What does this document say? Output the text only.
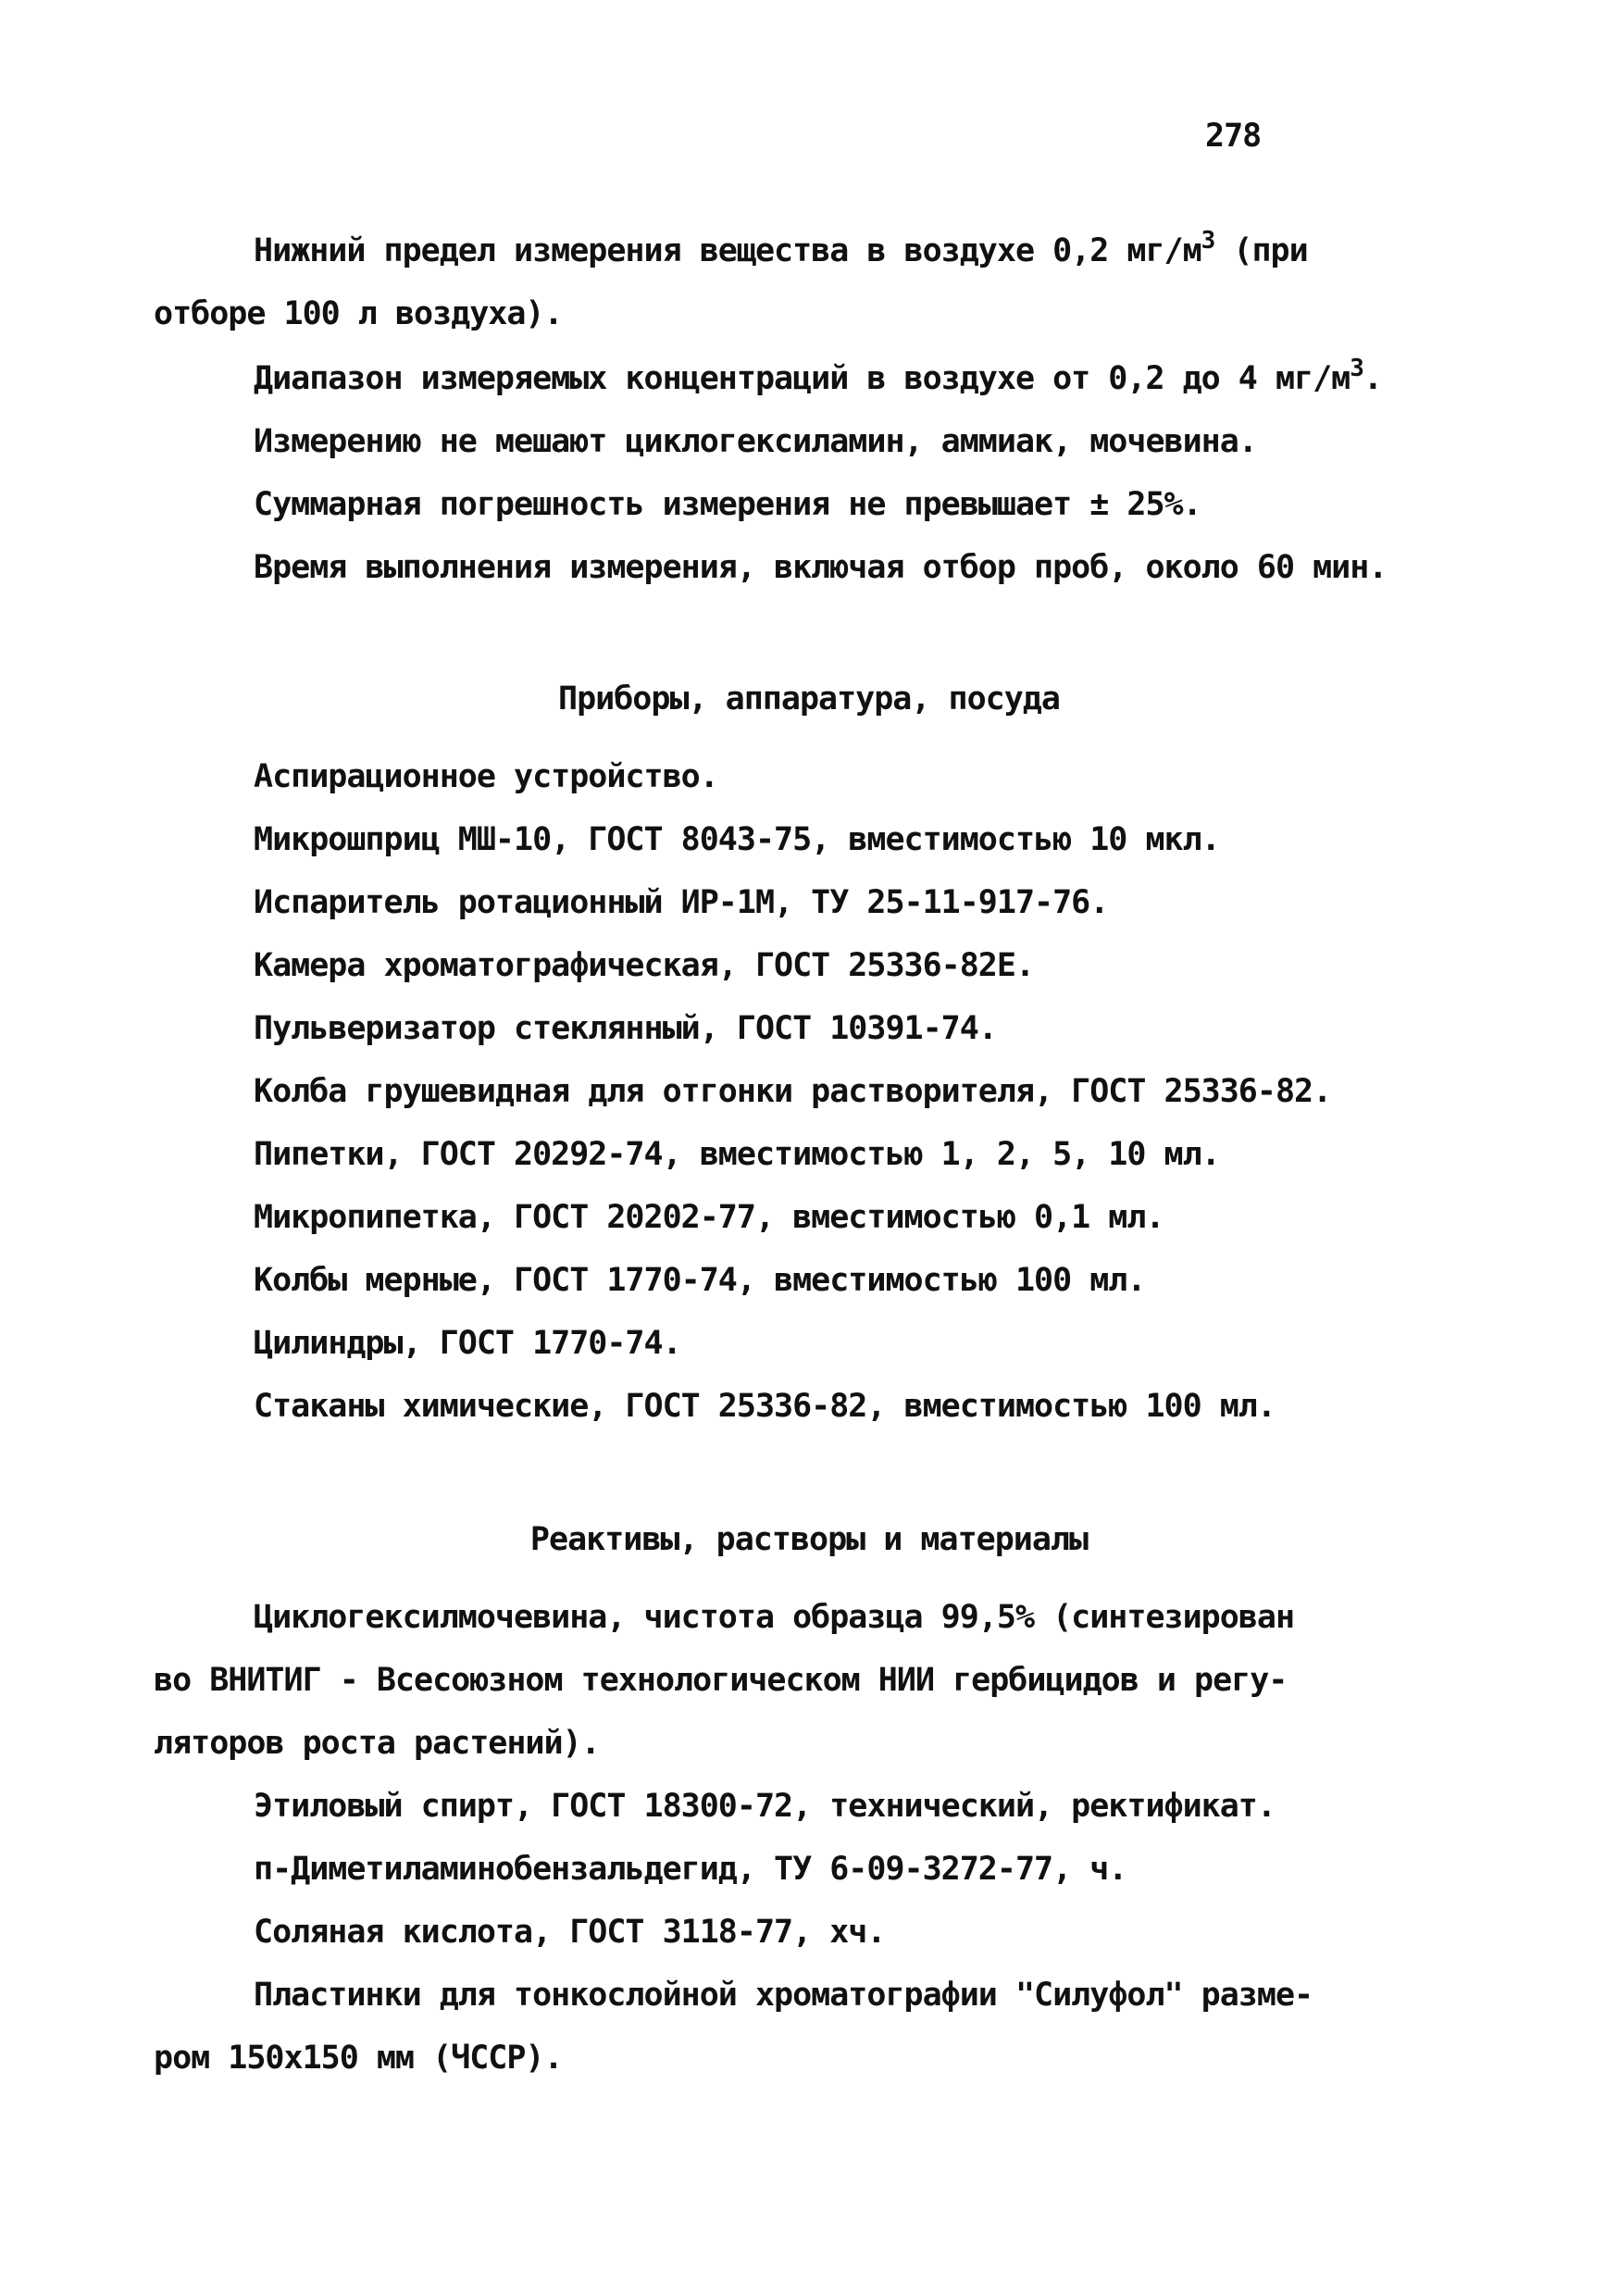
278
Нижний предел измерения вещества в воздухе 0,2 $мг/м^3$ (при
отборе 100 л воздуха).
Диапазон измеряемых концентраций в воздухе от 0,2 до 4 $мг/м^3$.
Измерению не мешают циклогексиламин, аммиак, мочевина.
Суммарная погрешность измерения не превышает ± 25%.
Время выполнения измерения, включая отбор проб, около 60 мин.
Приборы, аппаратура, посуда
Аспирационное устройство.
Микрошприц МШ-10, ГОСТ 8043-75, вместимостью 10 мкл.
Испаритель ротационный ИР-1М, ТУ 25-11-917-76.
Камера хроматографическая, ГОСТ 25336-82Е.
Пульверизатор стеклянный, ГОСТ 10391-74.
Колба грушевидная для отгонки растворителя, ГОСТ 25336-82.
Пипетки, ГОСТ 20292-74, вместимостью 1, 2, 5, 10 мл.
Микропипетка, ГОСТ 20202-77, вместимостью 0,1 мл.
Колбы мерные, ГОСТ 1770-74, вместимостью 100 мл.
Цилиндры, ГОСТ 1770-74.
Стаканы химические, ГОСТ 25336-82, вместимостью 100 мл.
Реактивы, растворы и материалы
Циклогексилмочевина, чистота образца 99,5% (синтезирован
во ВНИТИГ - Всесоюзном технологическом НИИ гербицидов и регу-
ляторов роста растений).
Этиловый спирт, ГОСТ 18300-72, технический, ректификат.
п-Диметиламинобензальдегид, ТУ 6-09-3272-77, ч.
Соляная кислота, ГОСТ 3118-77, хч.
Пластинки для тонкослойной хроматографии "Силуфол" разме-
ром 150х150 мм (ЧССР).
